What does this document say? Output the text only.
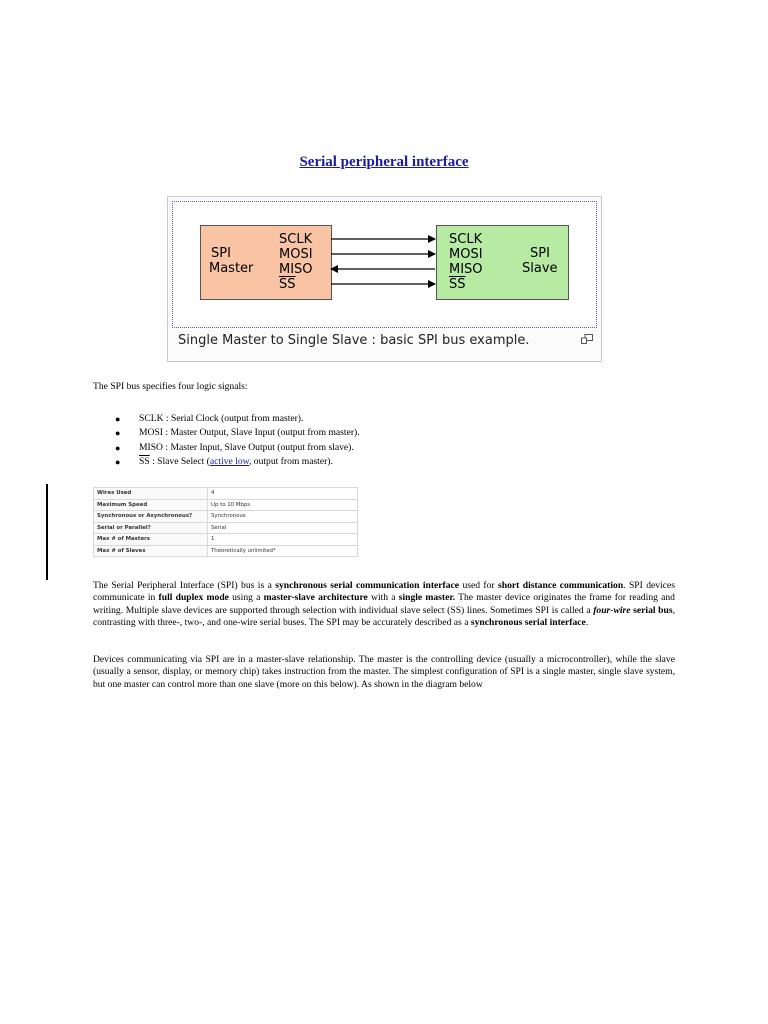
Serial peripheral interface
SPI
Master
SCLK
MOSI
MISO
$\overline{SS}$
SCLK
MOSI
MISO
$\overline{SS}$
SPI
Slave
Single Master to Single Slave : basic SPI bus example.
The SPI bus specifies four logic signals:
● SCLK : Serial Clock (output from master).
● MOSI : Master Output, Slave Input (output from master).
● MISO : Master Input, Slave Output (output from slave).
● $\overline{SS}$ : Slave Select (active low, output from master).
Wires Used	4
Maximum Speed	Up to 10 Mbps
Synchronous or Asynchronous?	Synchronous
Serial or Parallel?	Serial
Max # of Masters	1
Max # of Slaves	Theoretically unlimited*
The Serial Peripheral Interface (SPI) bus is a synchronous serial communication interface used for short distance communication. SPI devices communicate in full duplex mode using a master-slave architecture with a single master. The master device originates the frame for reading and writing. Multiple slave devices are supported through selection with individual slave select (SS) lines. Sometimes SPI is called a four-wire serial bus, contrasting with three-, two-, and one-wire serial buses. The SPI may be accurately described as a synchronous serial interface.
Devices communicating via SPI are in a master-slave relationship. The master is the controlling device (usually a microcontroller), while the slave (usually a sensor, display, or memory chip) takes instruction from the master. The simplest configuration of SPI is a single master, single slave system, but one master can control more than one slave (more on this below). As shown in the diagram below
